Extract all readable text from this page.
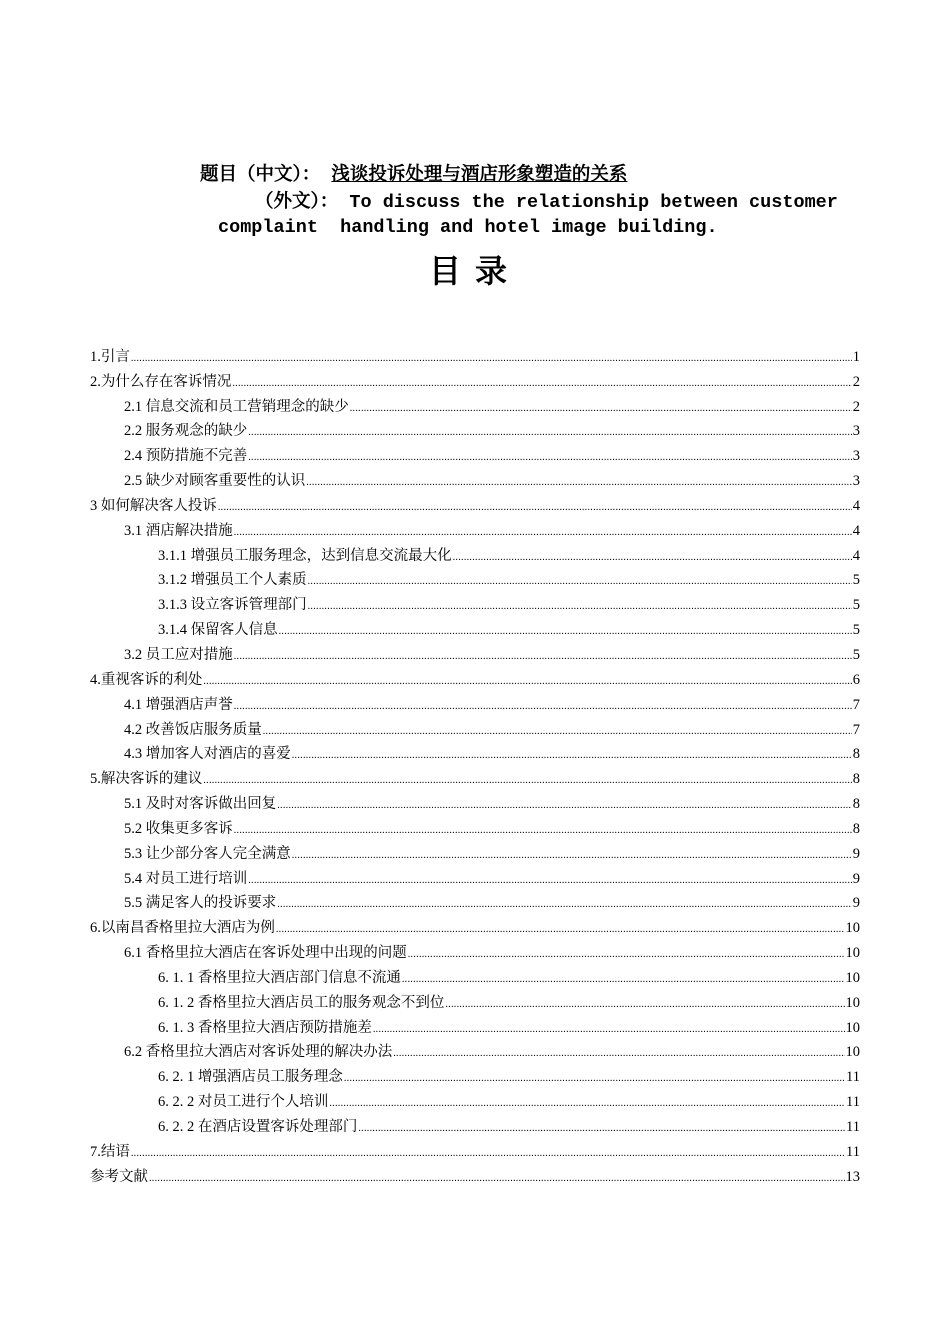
题目（中文）： 浅谈投诉处理与酒店形象塑造的关系
（外文）： To discuss the relationship between customer
complaint  handling and hotel image building.
目录
1.引言 .....	1
2.为什么存在客诉情况 .....	2
2.1 信息交流和员工营销理念的缺少 .....	2
2.2 服务观念的缺少 .....	3
2.4 预防措施不完善 .....	3
2.5 缺少对顾客重要性的认识 .....	3
3 如何解决客人投诉 .....	4
3.1 酒店解决措施 .....	4
3.1.1 增强员工服务理念，达到信息交流最大化 .....	4
3.1.2 增强员工个人素质 .....	5
3.1.3 设立客诉管理部门 .....	5
3.1.4 保留客人信息 .....	5
3.2 员工应对措施 .....	5
4.重视客诉的利处 .....	6
4.1 增强酒店声誉 .....	7
4.2 改善饭店服务质量 .....	7
4.3 增加客人对酒店的喜爱 .....	8
5.解决客诉的建议 .....	8
5.1 及时对客诉做出回复 .....	8
5.2 收集更多客诉 .....	8
5.3 让少部分客人完全满意 .....	9
5.4 对员工进行培训 .....	9
5.5 满足客人的投诉要求 .....	9
6.以南昌香格里拉大酒店为例 .....	10
6.1 香格里拉大酒店在客诉处理中出现的问题 .....	10
6. 1. 1 香格里拉大酒店部门信息不流通 .....	10
6. 1. 2 香格里拉大酒店员工的服务观念不到位 .....	10
6. 1. 3 香格里拉大酒店预防措施差 .....	10
6.2 香格里拉大酒店对客诉处理的解决办法 .....	10
6. 2. 1 增强酒店员工服务理念 .....	11
6. 2. 2 对员工进行个人培训 .....	11
6. 2. 2 在酒店设置客诉处理部门 .....	11
7.结语 .....	11
参考文献 .....	13
